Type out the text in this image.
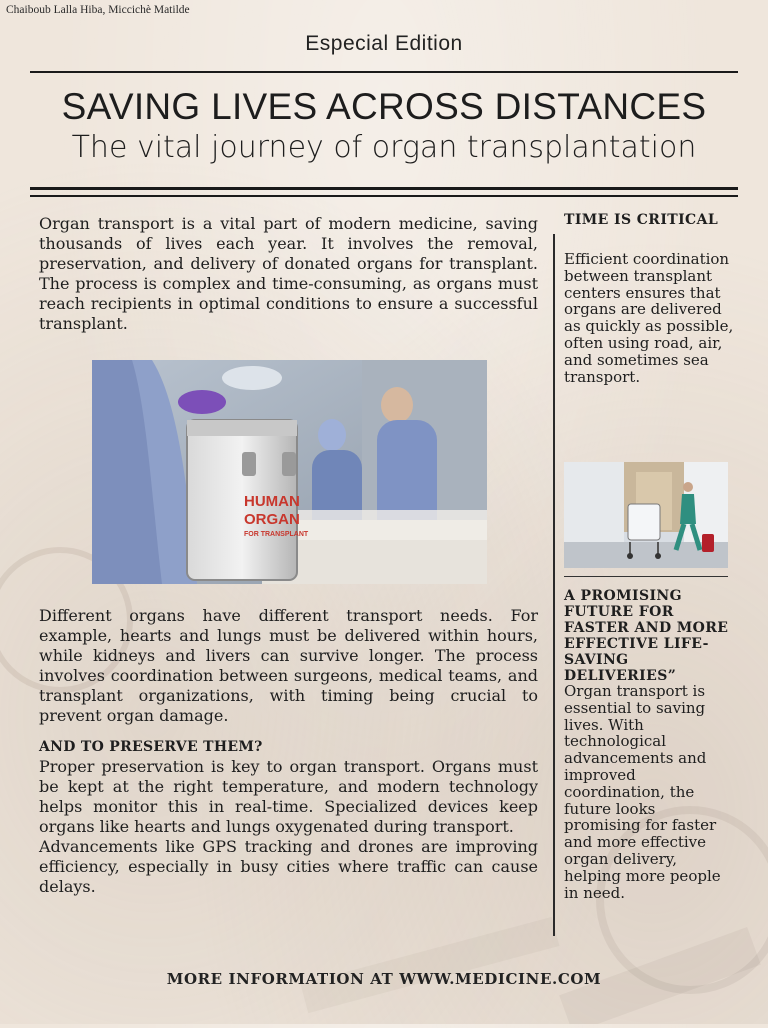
Chaiboub Lalla Hiba, Miccichè Matilde
Especial Edition
SAVING LIVES ACROSS DISTANCES
The vital journey of organ transplantation
Organ transport is a vital part of modern medicine, saving thousands of lives each year. It involves the removal, preservation, and delivery of donated organs for transplant. The process is complex and time-consuming, as organs must reach recipients in optimal conditions to ensure a successful transplant.
HUMAN
ORGAN
FOR TRANSPLANT
Different organs have different transport needs. For example, hearts and lungs must be delivered within hours, while kidneys and livers can survive longer. The process involves coordination between surgeons, medical teams, and transplant organizations, with timing being crucial to prevent organ damage.
AND TO PRESERVE THEM?
Proper preservation is key to organ transport. Organs must be kept at the right temperature, and modern technology helps monitor this in real-time. Specialized devices keep organs like hearts and lungs oxygenated during transport.
Advancements like GPS tracking and drones are improving efficiency, especially in busy cities where traffic can cause delays.
TIME IS CRITICAL
Efficient coordination between transplant centers ensures that organs are delivered as quickly as possible, often using road, air, and sometimes sea transport.
A PROMISING FUTURE FOR FASTER AND MORE EFFECTIVE LIFE-SAVING DELIVERIES”
Organ transport is essential to saving lives. With technological advancements and improved coordination, the future looks promising for faster and more effective organ delivery, helping more people in need.
MORE INFORMATION AT WWW.MEDICINE.COM
